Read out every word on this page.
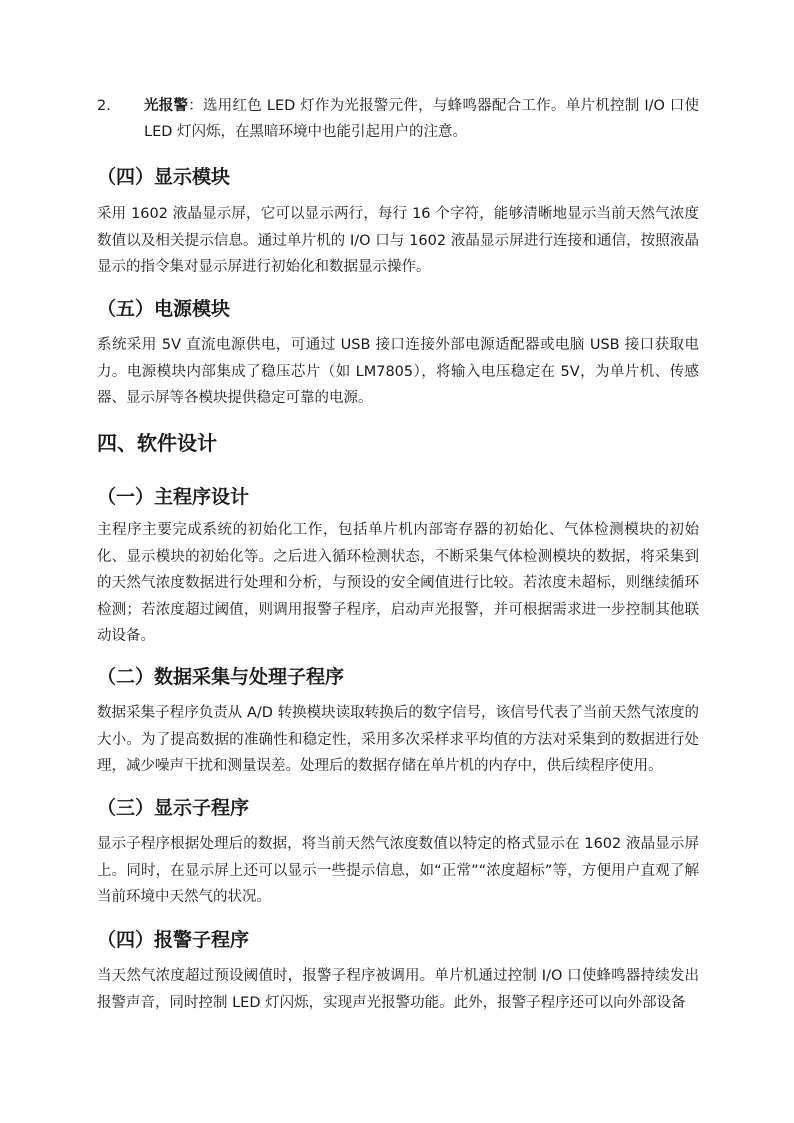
2. 光报警：选用红色 LED 灯作为光报警元件，与蜂鸣器配合工作。单片机控制 I/O 口使 LED 灯闪烁，在黑暗环境中也能引起用户的注意。
（四）显示模块

采用 1602 液晶显示屏，它可以显示两行，每行 16 个字符，能够清晰地显示当前天然气浓度数值以及相关提示信息。通过单片机的 I/O 口与 1602 液晶显示屏进行连接和通信，按照液晶显示的指令集对显示屏进行初始化和数据显示操作。

（五）电源模块

系统采用 5V 直流电源供电，可通过 USB 接口连接外部电源适配器或电脑 USB 接口获取电力。电源模块内部集成了稳压芯片（如 LM7805），将输入电压稳定在 5V，为单片机、传感器、显示屏等各模块提供稳定可靠的电源。

四、软件设计
（一）主程序设计

主程序主要完成系统的初始化工作，包括单片机内部寄存器的初始化、气体检测模块的初始化、显示模块的初始化等。之后进入循环检测状态，不断采集气体检测模块的数据，将采集到的天然气浓度数据进行处理和分析，与预设的安全阈值进行比较。若浓度未超标，则继续循环检测；若浓度超过阈值，则调用报警子程序，启动声光报警，并可根据需求进一步控制其他联动设备。

（二）数据采集与处理子程序

数据采集子程序负责从 A/D 转换模块读取转换后的数字信号，该信号代表了当前天然气浓度的大小。为了提高数据的准确性和稳定性，采用多次采样求平均值的方法对采集到的数据进行处理，减少噪声干扰和测量误差。处理后的数据存储在单片机的内存中，供后续程序使用。

（三）显示子程序

显示子程序根据处理后的数据，将当前天然气浓度数值以特定的格式显示在 1602 液晶显示屏上。同时，在显示屏上还可以显示一些提示信息，如“正常”“浓度超标”等，方便用户直观了解当前环境中天然气的状况。

（四）报警子程序

当天然气浓度超过预设阈值时，报警子程序被调用。单片机通过控制 I/O 口使蜂鸣器持续发出报警声音，同时控制 LED 灯闪烁，实现声光报警功能。此外，报警子程序还可以向外部设备
